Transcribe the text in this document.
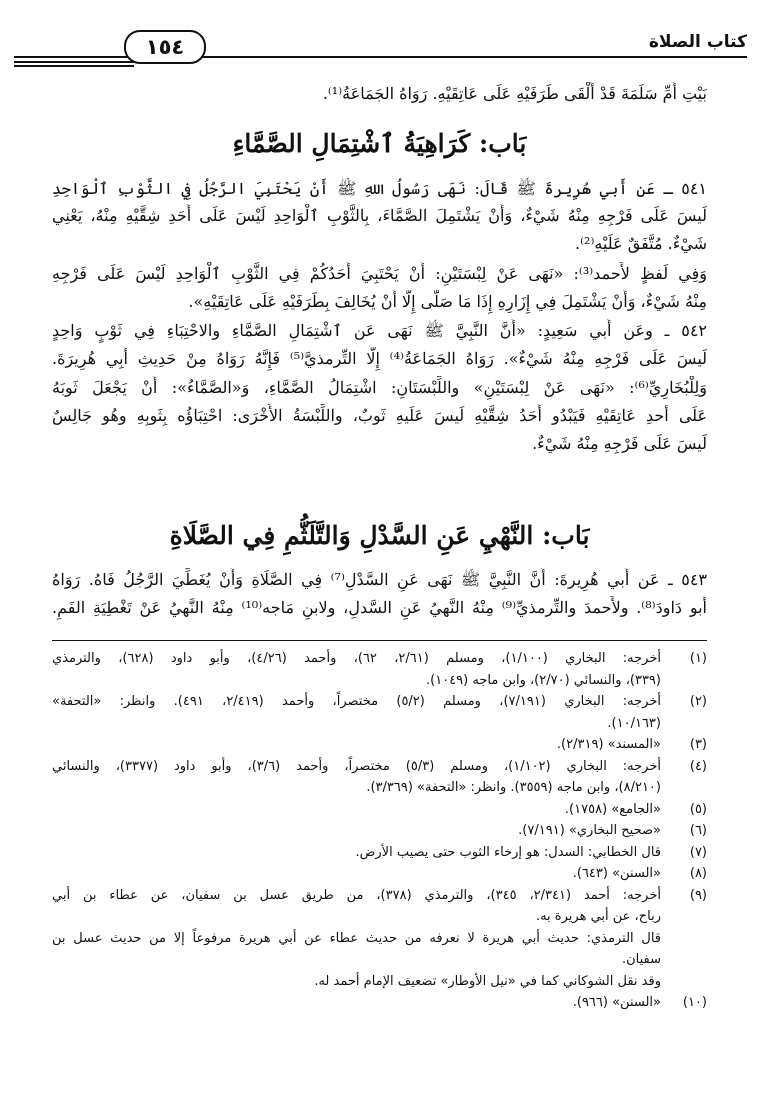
كتاب الصلاة
١٥٤
بَيْتِ أُمِّ سَلَمَةَ قَدْ أَلْقَى طَرَفَيْهِ عَلَى عَاتِقَيْهِ. رَوَاهُ الجَمَاعَةُ⁽¹⁾.
بَاب: كَرَاهِيَةُ ٱشْتِمَالِ الصَّمَّاءِ
٥٤١ ـ عَن أَبي هُرِيرةَ ﷺ قَالَ: نَهَى رَسُولُ اللهِ ﷺ أَنْ يَحْتَبِيَ الرَّجُلُ فِي الثَّوْبِ ٱلْوَاحِدِ
لَيسَ عَلَى فَرْجِهِ مِنْهُ شَيْءٌ، وَأَنْ يَشْتَمِلَ الصَّمَّاءَ، بِالثَّوْبِ ٱلْوَاحِدِ لَيْسَ عَلَى أَحَدِ شِقَّيْهِ مِنْهُ، يَعْنِي
شَيْءٌ. مُتَّفَقٌ عَلَيْهِ⁽²⁾.
وَفِي لَفظٍ لأَحمد⁽³⁾: «نَهَى عَنْ لِبْسَتَيْنِ: أَنْ يَحْتَبِيَ أَحَدُكُمْ فِي الثَّوْبِ ٱلْوَاحِدِ لَيْسَ عَلَى فَرْجِهِ
مِنْهُ شَيْءٌ، وَأَنْ يَشْتَمِلَ فِي إِزَارِهِ إِذَا مَا صَلَّى إِلَّا أَنْ يُخَالِفَ بِطَرَفَيْهِ عَلَى عَاتِقَيْهِ».
٥٤٢ ـ وعَن أَبي سَعِيدٍ: «أَنَّ النَّبِيَّ ﷺ نَهَى عَن ٱشْتِمَالِ الصَّمَّاءِ والاحْتِبَاءِ فِي ثَوْبٍ وَاحِدٍ
لَيسَ عَلَى فَرْجِهِ مِنْهُ شَيْءٌ». رَوَاهُ الجَمَاعَةُ⁽⁴⁾ إِلَّا التِّرمذيَّ⁽⁵⁾ فَإِنَّهُ رَوَاهُ مِنْ حَدِيثِ أَبِي هُرِيرَةَ.
وَلِلْبُخَارِيِّ⁽⁶⁾: «نَهَى عَنْ لِبْسَتَيْنِ» واللِّبْسَتَانِ: اشْتِمَالُ الصَّمَّاءِ، وَ«الصَّمَّاءُ»: أَنْ يَجْعَلَ ثَوبَهُ
عَلَى أحدِ عَاتِقَيْهِ فَيَبْدُو أَحَدُ شِقَّيْهِ لَيسَ عَلَيهِ ثَوبٌ، واللِّبْسَةُ الأُخْرَى: احْتِبَاؤُه بِثَوبِهِ وهُو جَالِسٌ
لَيسَ عَلَى فَرْجِهِ مِنْهُ شَيْءٌ.
بَاب: النَّهْيِ عَنِ السَّدْلِ وَالتَّلَثُّمِ فِي الصَّلَاةِ
٥٤٣ ـ عَن أَبي هُرِيرةَ: أَنَّ النَّبِيَّ ﷺ نَهَى عَنِ السَّدْلِ⁽⁷⁾ فِي الصَّلَاةِ وَأَنْ يُغَطِّيَ الرَّجُلُ فَاهُ. رَوَاهُ
أَبو دَاودَ⁽⁸⁾. ولأَحمدَ والتِّرمذيِّ⁽⁹⁾ مِنْهُ النَّهيُ عَنِ السَّدلِ، ولابنِ مَاجه⁽¹⁰⁾ مِنْهُ النَّهيُ عَنْ تَغْطِيَةِ الفَمِ.
(١)
أخرجه: البخاري (١/١٠٠)، ومسلم (٢/٦١، ٦٢)، وأحمد (٤/٢٦)، وأبو داود (٦٢٨)، والترمذي
(٣٣٩)، والنسائي (٢/٧٠)، وابن ماجه (١٠٤٩).
(٢)
أخرجه: البخاري (٧/١٩١)، ومسلم (٥/٢) مختصراً، وأحمد (٢/٤١٩، ٤٩١). وانظر: «التحفة»
(١٠/١٦٣).
(٣)
«المسند» (٢/٣١٩).
(٤)
أخرجه: البخاري (١/١٠٢)، ومسلم (٥/٣) مختصراً، وأحمد (٣/٦)، وأبو داود (٣٣٧٧)، والنسائي
(٨/٢١٠)، وابن ماجه (٣٥٥٩). وانظر: «التحفة» (٣/٣٦٩).
(٥)
«الجامع» (١٧٥٨).
(٦)
«صحيح البخاري» (٧/١٩١).
(٧)
قال الخطابي: السدل: هو إرخاء الثوب حتى يصيب الأرض.
(٨)
«السنن» (٦٤٣).
(٩)
أخرجه: أحمد (٢/٣٤١، ٣٤٥)، والترمذي (٣٧٨)، من طريق عسل بن سفيان، عن عطاء بن أبي
رباح، عن أبي هريرة به.
قال الترمذي: حديث أبي هريرة لا نعرفه من حديث عطاء عن أبي هريرة مرفوعاً إلا من حديث عسل بن
سفيان.
وقد نقل الشوكاني كما في «نيل الأوطار» تضعيف الإمام أحمد له.
(١٠)
«السنن» (٩٦٦).
